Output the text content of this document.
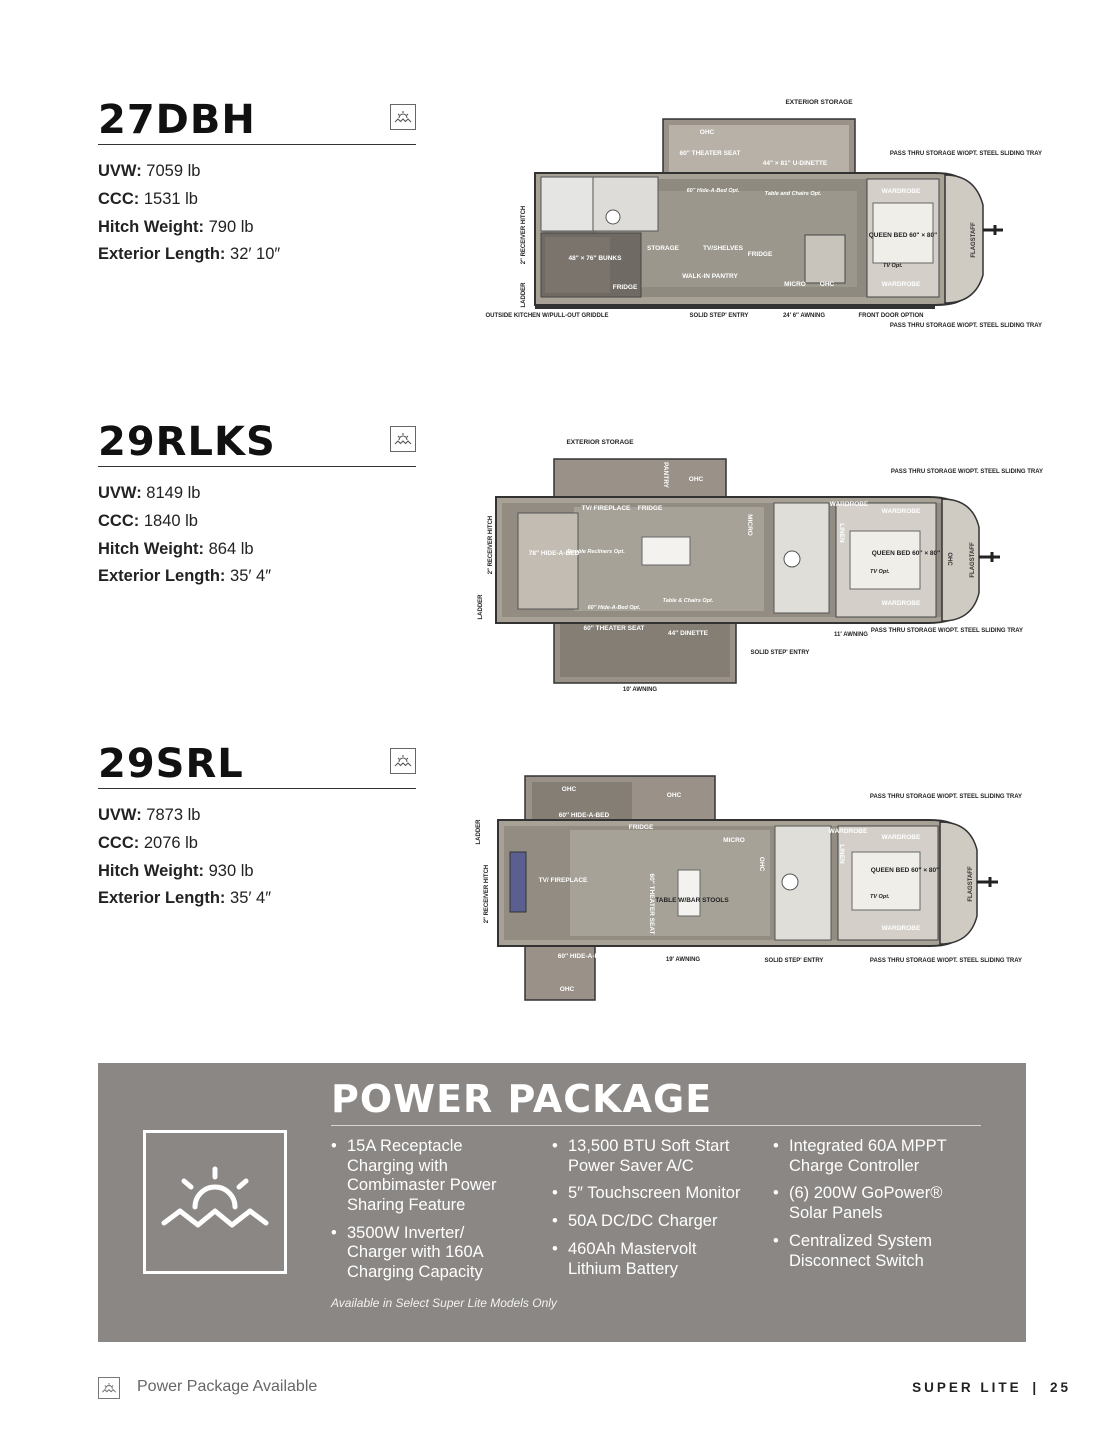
27DBH
UVW: 7059 lb
CCC: 1531 lb
Hitch Weight: 790 lb
Exterior Length: 32′ 10″
EXTERIOR STORAGE
OHC
60" THEATER SEAT
44" × 81" U-DINETTE
60" Hide-A-Bed Opt.	Table and Chairs Opt.
PASS THRU STORAGE W/OPT. STEEL SLIDING TRAY
WARDROBE
QUEEN BED 60" × 80"
TV Opt.
WARDROBE
48" × 76" BUNKS
STORAGE	TV/SHELVES
FRIDGE
WALK-IN PANTRY
MICRO OHC
FRIDGE
2″ RECEIVER HITCH
LADDER
OUTSIDE KITCHEN W/PULL-OUT GRIDDLE	SOLID STEP' ENTRY	24′ 6″ AWNING	FRONT DOOR OPTION
PASS THRU STORAGE W/OPT. STEEL SLIDING TRAY
FLAGSTAFF
29RLKS
UVW: 8149 lb
CCC: 1840 lb
Hitch Weight: 864 lb
Exterior Length: 35′ 4″
EXTERIOR STORAGE
PANTRY	OHC
PASS THRU STORAGE W/OPT. STEEL SLIDING TRAY
TV/ FIREPLACE FRIDGE
WARDROBE
WARDROBE
2″ RECEIVER HITCH	78″ HIDE-A-BED
Double Recliners Opt.
MICRO	LINEN
QUEEN BED 60″ × 80″
TV Opt.
LADDER	60″ Hide-A-Bed Opt.
Table & Chairs Opt.	WARDROBE
60″ THEATER SEAT
44″ DINETTE	11′ AWNING
PASS THRU STORAGE W/OPT. STEEL SLIDING TRAY
SOLID STEP' ENTRY
10′ AWNING
OHC	FLAGSTAFF
29SRL
UVW: 7873 lb
CCC: 2076 lb
Hitch Weight: 930 lb
Exterior Length: 35′ 4″
OHC
OHC	PASS THRU STORAGE W/OPT. STEEL SLIDING TRAY
60″ HIDE-A-BED
FRIDGE
WARDROBE
WARDROBE
LADDER	MICRO
OHC
LINEN
QUEEN BED 60″ × 80″
2″ RECEIVER HITCH	TV/ FIREPLACE	60″ THEATER SEAT TABLE W/BAR STOOLS	TV Opt.
WARDROBE
60″ HIDE-A-BED
OHC
19′ AWNING	SOLID STEP' ENTRY	PASS THRU STORAGE W/OPT. STEEL SLIDING TRAY
FLAGSTAFF
POWER PACKAGE
• 15A Receptacle
Charging with
Combimaster Power
Sharing Feature
• 3500W Inverter/
Charger with 160A
Charging Capacity
• 13,500 BTU Soft Start
Power Saver A/C
• 5″ Touchscreen Monitor
• 50A DC/DC Charger
• 460Ah Mastervolt
Lithium Battery
• Integrated 60A MPPT
Charge Controller
• (6) 200W GoPower®
Solar Panels
• Centralized System
Disconnect Switch
Available in Select Super Lite Models Only
Power Package Available	SUPER LITE | 25
